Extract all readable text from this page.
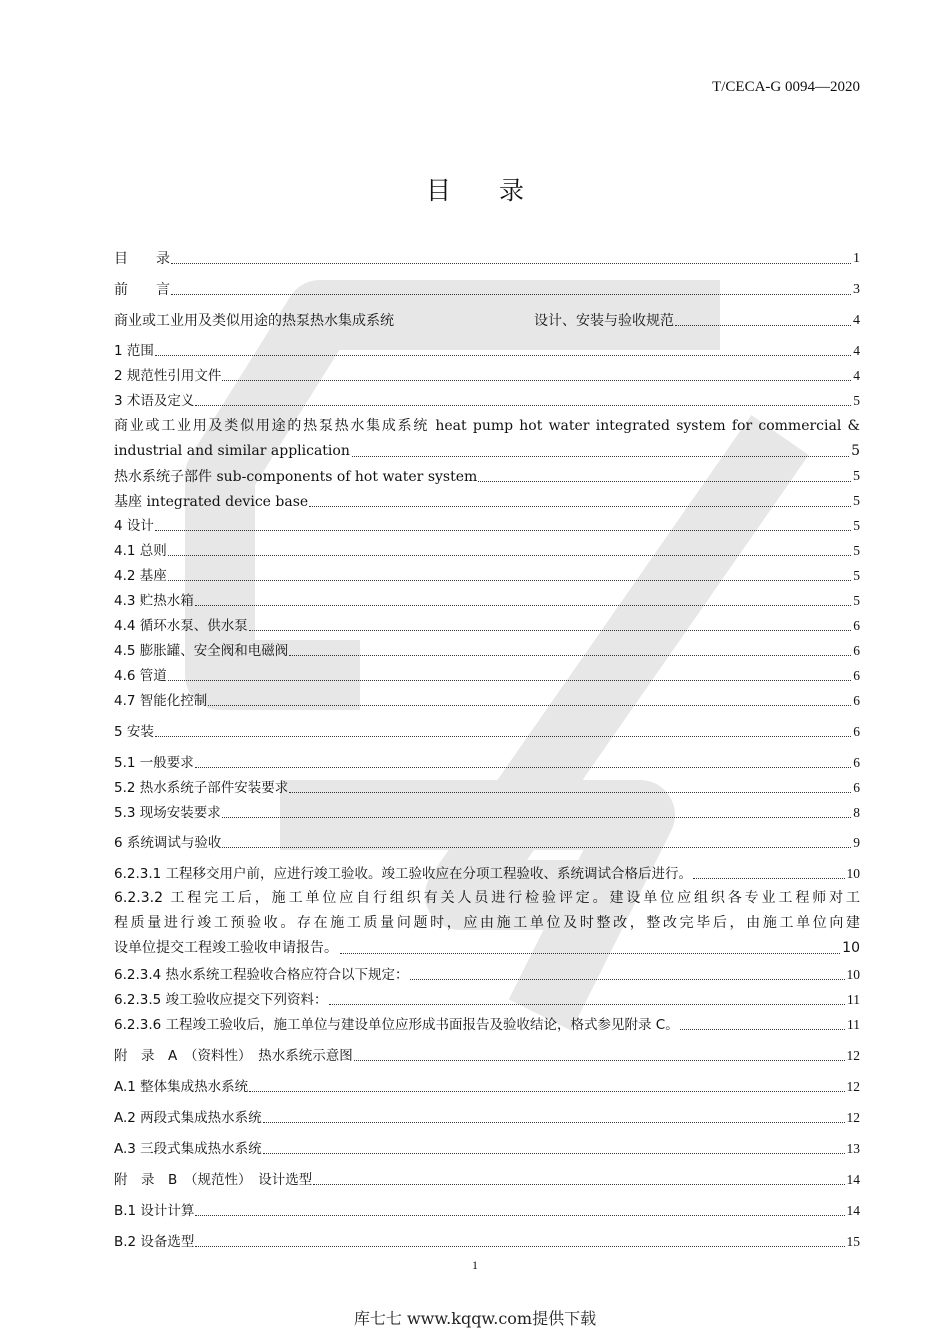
T/CECA-G 0094—2020
目录
目　　录	1
前　　言	3
商业或工业用及类似用途的热泵热水集成系统　　　　　　　　　　设计、安装与验收规范	4
1 范围	4
2 规范性引用文件	4
3 术语及定义	5
商业或工业用及类似用途的热泵热水集成系统 heat pump hot water integrated system for commercial &
industrial and similar application	5
热水系统子部件 sub-components of hot water system	5
基座 integrated device base	5
4 设计	5
4.1 总则	5
4.2 基座	5
4.3 贮热水箱	5
4.4 循环水泵、供水泵	6
4.5 膨胀罐、安全阀和电磁阀	6
4.6 管道	6
4.7 智能化控制	6
5 安装	6
5.1 一般要求	6
5.2 热水系统子部件安装要求	6
5.3 现场安装要求	8
6 系统调试与验收	9
6.2.3.1 工程移交用户前，应进行竣工验收。竣工验收应在分项工程验收、系统调试合格后进行。	10
6.2.3.2 工程完工后，施工单位应自行组织有关人员进行检验评定。建设单位应组织各专业工程师对工
程质量进行竣工预验收。存在施工质量问题时，应由施工单位及时整改，整改完毕后，由施工单位向建
设单位提交工程竣工验收申请报告。	10
6.2.3.4 热水系统工程验收合格应符合以下规定：	10
6.2.3.5 竣工验收应提交下列资料：	11
6.2.3.6 工程竣工验收后，施工单位与建设单位应形成书面报告及验收结论，格式参见附录 C。	11
附　录　A　（资料性）　热水系统示意图	12
A.1 整体集成热水系统	12
A.2 两段式集成热水系统	12
A.3 三段式集成热水系统	13
附　录　B　（规范性）　设计选型	14
B.1 设计计算	14
B.2 设备选型	15
1
库七七 www.kqqw.com提供下载
